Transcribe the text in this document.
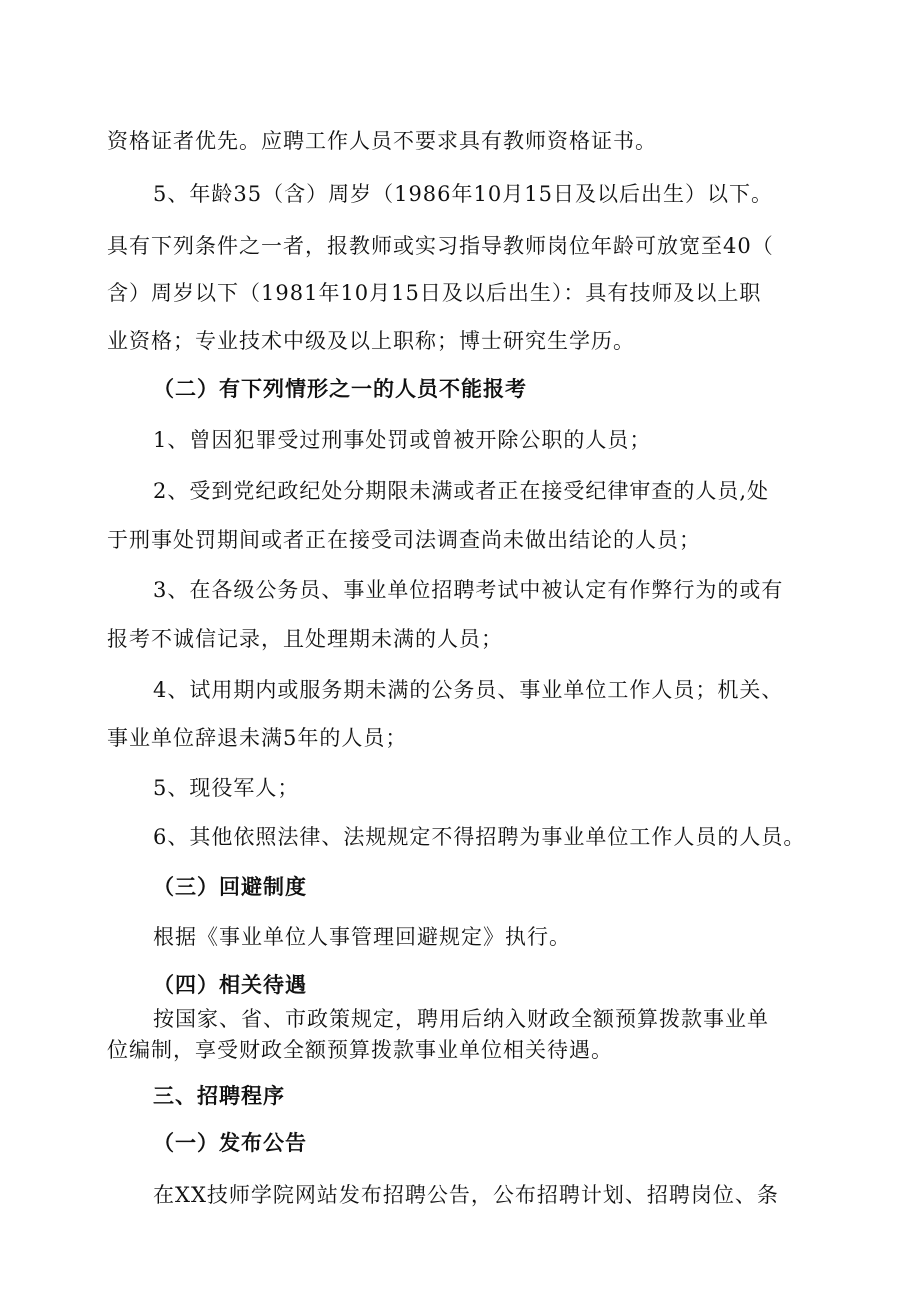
资格证者优先。应聘工作人员不要求具有教师资格证书。
5、年龄35（含）周岁（1986年10月15日及以后出生）以下。
具有下列条件之一者，报教师或实习指导教师岗位年龄可放宽至40（
含）周岁以下（1981年10月15日及以后出生）：具有技师及以上职
业资格；专业技术中级及以上职称；博士研究生学历。
（二）有下列情形之一的人员不能报考
1、曾因犯罪受过刑事处罚或曾被开除公职的人员；
2、受到党纪政纪处分期限未满或者正在接受纪律审查的人员,处
于刑事处罚期间或者正在接受司法调查尚未做出结论的人员；
3、在各级公务员、事业单位招聘考试中被认定有作弊行为的或有
报考不诚信记录，且处理期未满的人员；
4、试用期内或服务期未满的公务员、事业单位工作人员；机关、
事业单位辞退未满5年的人员；
5、现役军人；
6、其他依照法律、法规规定不得招聘为事业单位工作人员的人员。
（三）回避制度
根据《事业单位人事管理回避规定》执行。
（四）相关待遇
按国家、省、市政策规定，聘用后纳入财政全额预算拨款事业单
位编制，享受财政全额预算拨款事业单位相关待遇。
三、招聘程序
（一）发布公告
在XX技师学院网站发布招聘公告，公布招聘计划、招聘岗位、条
